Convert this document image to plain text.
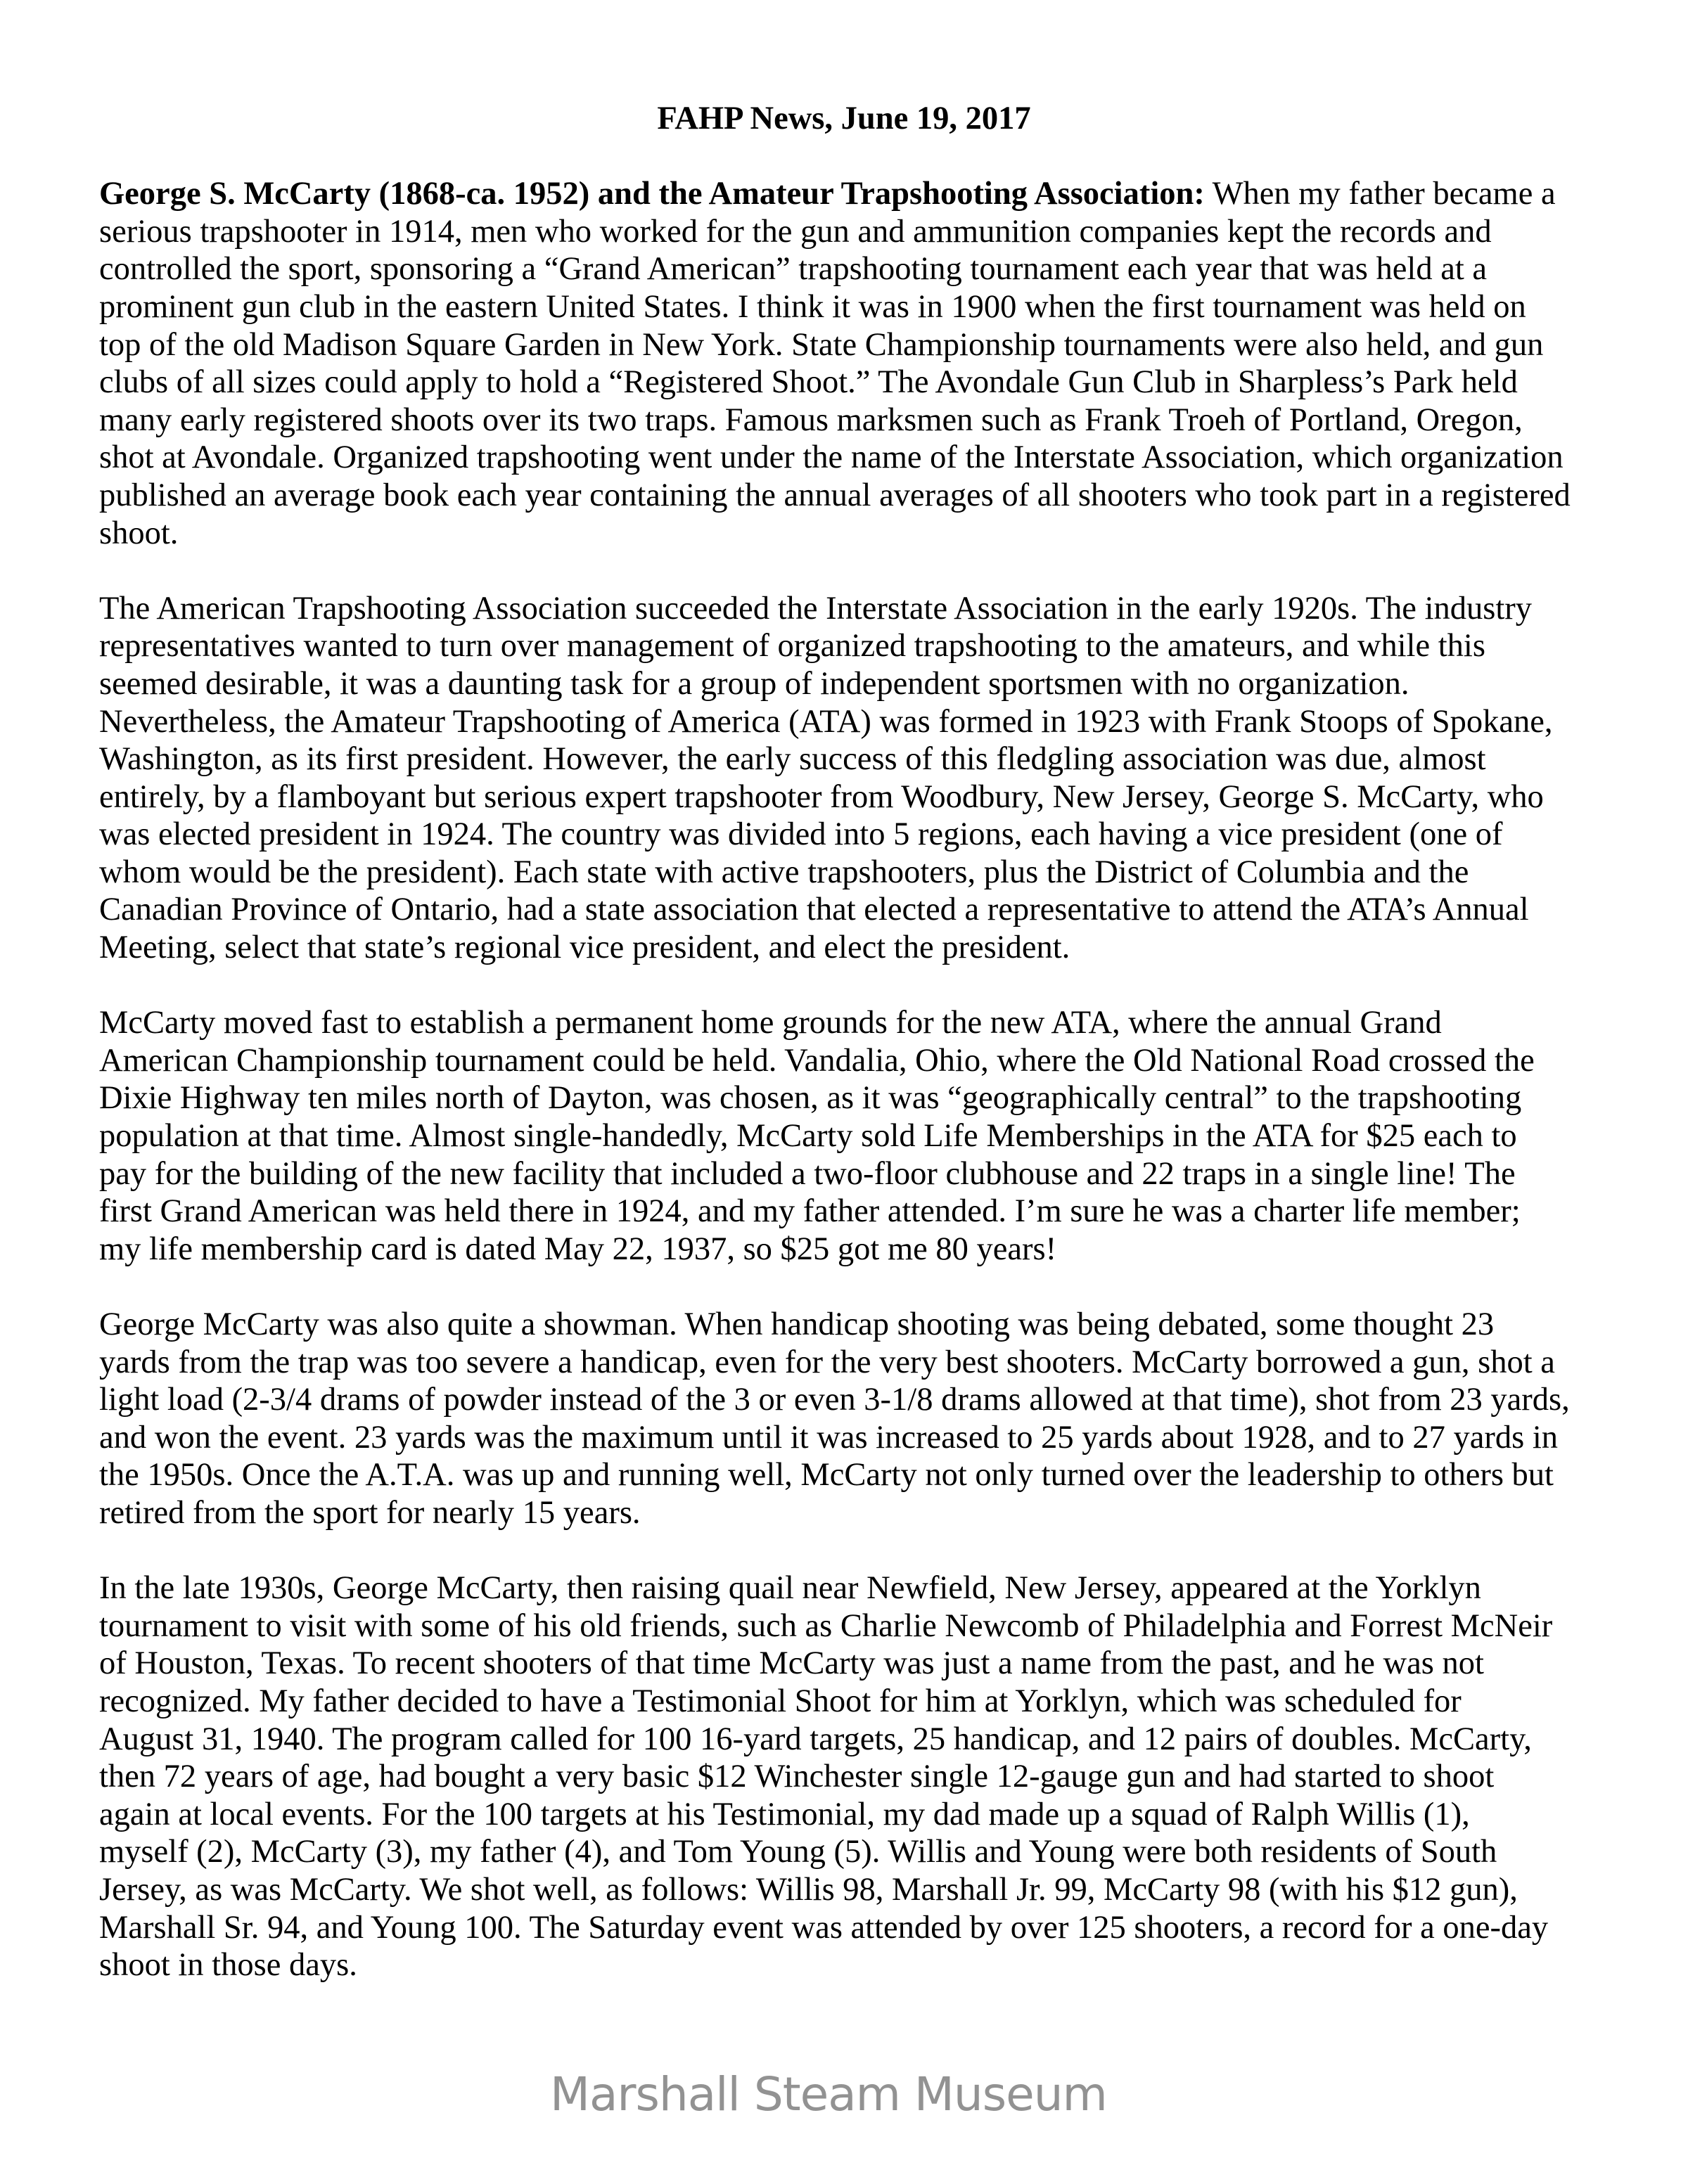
FAHP News, June 19, 2017
George S. McCarty (1868-ca. 1952) and the Amateur Trapshooting Association: When my father became a
serious trapshooter in 1914, men who worked for the gun and ammunition companies kept the records and
controlled the sport, sponsoring a “Grand American” trapshooting tournament each year that was held at a
prominent gun club in the eastern United States. I think it was in 1900 when the first tournament was held on
top of the old Madison Square Garden in New York. State Championship tournaments were also held, and gun
clubs of all sizes could apply to hold a “Registered Shoot.” The Avondale Gun Club in Sharpless’s Park held
many early registered shoots over its two traps. Famous marksmen such as Frank Troeh of Portland, Oregon,
shot at Avondale. Organized trapshooting went under the name of the Interstate Association, which organization
published an average book each year containing the annual averages of all shooters who took part in a registered
shoot.
The American Trapshooting Association succeeded the Interstate Association in the early 1920s. The industry
representatives wanted to turn over management of organized trapshooting to the amateurs, and while this
seemed desirable, it was a daunting task for a group of independent sportsmen with no organization.
Nevertheless, the Amateur Trapshooting of America (ATA) was formed in 1923 with Frank Stoops of Spokane,
Washington, as its first president. However, the early success of this fledgling association was due, almost
entirely, by a flamboyant but serious expert trapshooter from Woodbury, New Jersey, George S. McCarty, who
was elected president in 1924. The country was divided into 5 regions, each having a vice president (one of
whom would be the president). Each state with active trapshooters, plus the District of Columbia and the
Canadian Province of Ontario, had a state association that elected a representative to attend the ATA’s Annual
Meeting, select that state’s regional vice president, and elect the president.
McCarty moved fast to establish a permanent home grounds for the new ATA, where the annual Grand
American Championship tournament could be held. Vandalia, Ohio, where the Old National Road crossed the
Dixie Highway ten miles north of Dayton, was chosen, as it was “geographically central” to the trapshooting
population at that time. Almost single-handedly, McCarty sold Life Memberships in the ATA for $25 each to
pay for the building of the new facility that included a two-floor clubhouse and 22 traps in a single line! The
first Grand American was held there in 1924, and my father attended. I’m sure he was a charter life member;
my life membership card is dated May 22, 1937, so $25 got me 80 years!
George McCarty was also quite a showman. When handicap shooting was being debated, some thought 23
yards from the trap was too severe a handicap, even for the very best shooters. McCarty borrowed a gun, shot a
light load (2-3/4 drams of powder instead of the 3 or even 3-1/8 drams allowed at that time), shot from 23 yards,
and won the event. 23 yards was the maximum until it was increased to 25 yards about 1928, and to 27 yards in
the 1950s. Once the A.T.A. was up and running well, McCarty not only turned over the leadership to others but
retired from the sport for nearly 15 years.
In the late 1930s, George McCarty, then raising quail near Newfield, New Jersey, appeared at the Yorklyn
tournament to visit with some of his old friends, such as Charlie Newcomb of Philadelphia and Forrest McNeir
of Houston, Texas. To recent shooters of that time McCarty was just a name from the past, and he was not
recognized. My father decided to have a Testimonial Shoot for him at Yorklyn, which was scheduled for
August 31, 1940. The program called for 100 16-yard targets, 25 handicap, and 12 pairs of doubles. McCarty,
then 72 years of age, had bought a very basic $12 Winchester single 12-gauge gun and had started to shoot
again at local events. For the 100 targets at his Testimonial, my dad made up a squad of Ralph Willis (1),
myself (2), McCarty (3), my father (4), and Tom Young (5). Willis and Young were both residents of South
Jersey, as was McCarty. We shot well, as follows: Willis 98, Marshall Jr. 99, McCarty 98 (with his $12 gun),
Marshall Sr. 94, and Young 100. The Saturday event was attended by over 125 shooters, a record for a one-day
shoot in those days.
Marshall Steam Museum
